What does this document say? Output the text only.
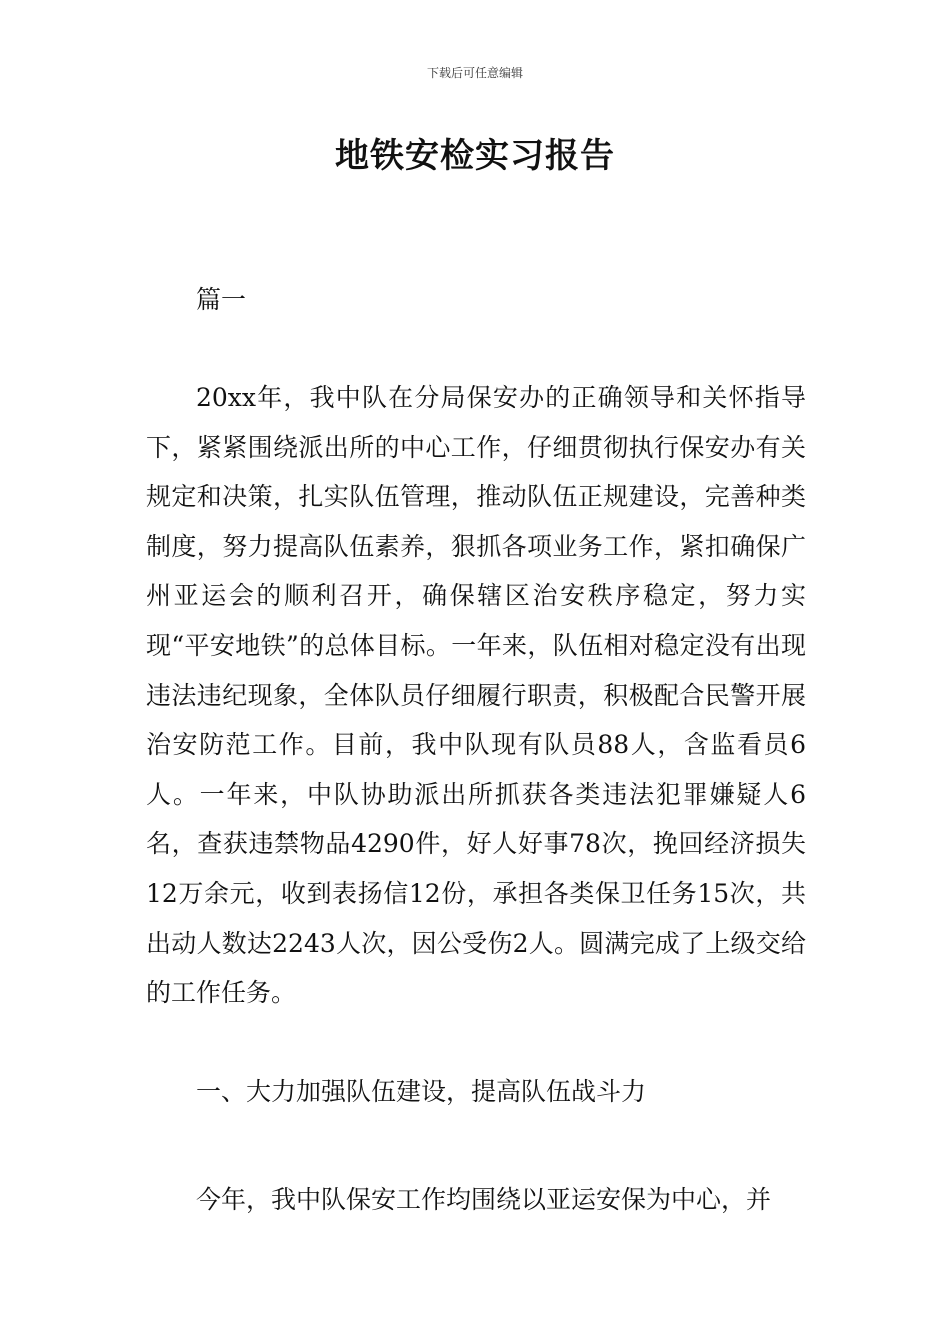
下载后可任意编辑
地铁安检实习报告
篇一
20xx年，我中队在分局保安办的正确领导和关怀指导下，紧紧围绕派出所的中心工作，仔细贯彻执行保安办有关规定和决策，扎实队伍管理，推动队伍正规建设，完善种类制度，努力提高队伍素养，狠抓各项业务工作，紧扣确保广州亚运会的顺利召开，确保辖区治安秩序稳定，努力实现“平安地铁”的总体目标。一年来，队伍相对稳定没有出现违法违纪现象，全体队员仔细履行职责，积极配合民警开展治安防范工作。目前，我中队现有队员88人，含监看员6人。一年来，中队协助派出所抓获各类违法犯罪嫌疑人6名，查获违禁物品4290件，好人好事78次，挽回经济损失12万余元，收到表扬信12份，承担各类保卫任务15次，共出动人数达2243人次，因公受伤2人。圆满完成了上级交给的工作任务。
一、大力加强队伍建设，提高队伍战斗力
今年，我中队保安工作均围绕以亚运安保为中心，并
